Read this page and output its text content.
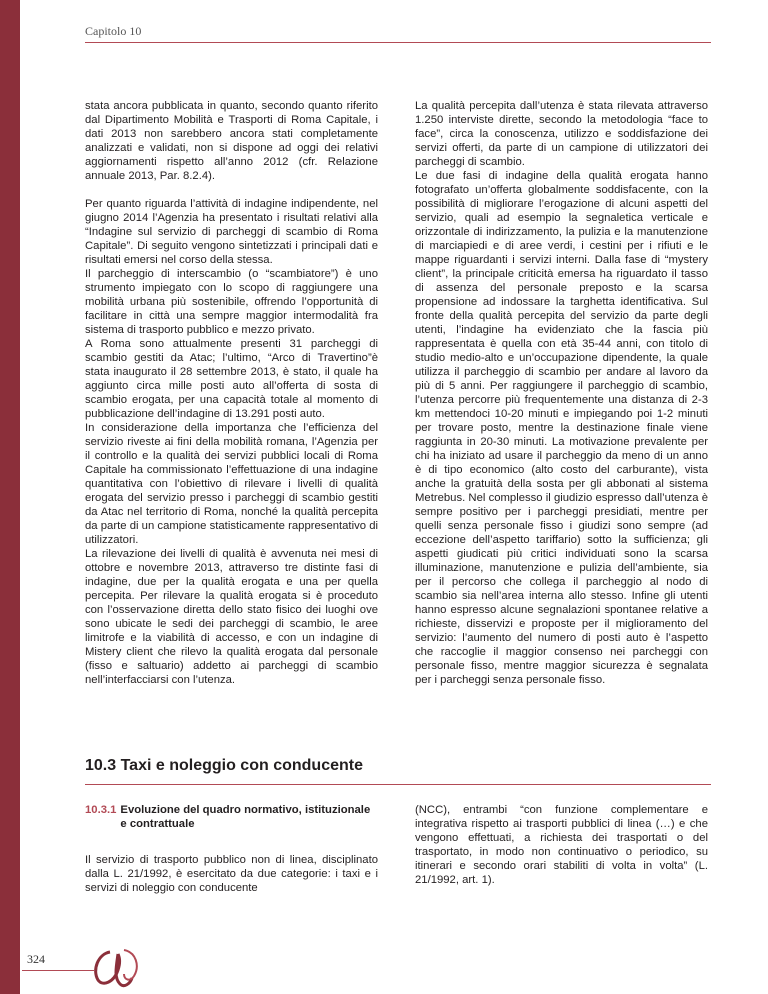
Capitolo 10

stata ancora pubblicata in quanto, secondo quanto riferito dal Dipartimento Mobilità e Trasporti di Roma Capitale, i dati 2013 non sarebbero ancora stati completamente analizzati e validati, non si dispone ad oggi dei relativi aggiornamenti rispetto all’anno 2012 (cfr. Relazione annuale 2013, Par. 8.2.4).

Per quanto riguarda l’attività di indagine indipendente, nel giugno 2014 l’Agenzia ha presentato i risultati relativi alla “Indagine sul servizio di parcheggi di scambio di Roma Capitale”. Di seguito vengono sintetizzati i principali dati e risultati emersi nel corso della stessa.

Il parcheggio di interscambio (o “scambiatore”) è uno strumento impiegato con lo scopo di raggiungere una mobilità urbana più sostenibile, offrendo l’opportunità di facilitare in città una sempre maggior intermodalità fra sistema di trasporto pubblico e mezzo privato.

A Roma sono attualmente presenti 31 parcheggi di scambio gestiti da Atac; l’ultimo, “Arco di Travertino”è stata inaugurato il 28 settembre 2013, è stato, il quale ha aggiunto circa mille posti auto all’offerta di sosta di scambio erogata, per una capacità totale al momento di pubblicazione dell’indagine di 13.291 posti auto.

In considerazione della importanza che l’efficienza del servizio riveste ai fini della mobilità romana, l’Agenzia per il controllo e la qualità dei servizi pubblici locali di Roma Capitale ha commissionato l’effettuazione di una indagine quantitativa con l’obiettivo di rilevare i livelli di qualità erogata del servizio presso i parcheggi di scambio gestiti da Atac nel territorio di Roma, nonché la qualità percepita da parte di un campione statisticamente rappresentativo di utilizzatori.

La rilevazione dei livelli di qualità è avvenuta nei mesi di ottobre e novembre 2013, attraverso tre distinte fasi di indagine, due per la qualità erogata e una per quella percepita. Per rilevare la qualità erogata si è proceduto con l’osservazione diretta dello stato fisico dei luoghi ove sono ubicate le sedi dei parcheggi di scambio, le aree limitrofe e la viabilità di accesso, e con un indagine di Mistery client che rilevo la qualità erogata dal personale (fisso e saltuario) addetto ai parcheggi di scambio nell’interfacciarsi con l’utenza.

La qualità percepita dall’utenza è stata rilevata attraverso 1.250 interviste dirette, secondo la metodologia “face to face”, circa la conoscenza, utilizzo e soddisfazione dei servizi offerti, da parte di un campione di utilizzatori dei parcheggi di scambio.

Le due fasi di indagine della qualità erogata hanno fotografato un’offerta globalmente soddisfacente, con la possibilità di migliorare l’erogazione di alcuni aspetti del servizio, quali ad esempio la segnaletica verticale e orizzontale di indirizzamento, la pulizia e la manutenzione di marciapiedi e di aree verdi, i cestini per i rifiuti e le mappe riguardanti i servizi interni. Dalla fase di “mystery client”, la principale criticità emersa ha riguardato il tasso di assenza del personale preposto e la scarsa propensione ad indossare la targhetta identificativa. Sul fronte della qualità percepita del servizio da parte degli utenti, l’indagine ha evidenziato che la fascia più rappresentata è quella con età 35-44 anni, con titolo di studio medio-alto e un’occupazione dipendente, la quale utilizza il parcheggio di scambio per andare al lavoro da più di 5 anni. Per raggiungere il parcheggio di scambio, l’utenza percorre più frequentemente una distanza di 2-3 km mettendoci 10-20 minuti e impiegando poi 1-2 minuti per trovare posto, mentre la destinazione finale viene raggiunta in 20-30 minuti. La motivazione prevalente per chi ha iniziato ad usare il parcheggio da meno di un anno è di tipo economico (alto costo del carburante), vista anche la gratuità della sosta per gli abbonati al sistema Metrebus. Nel complesso il giudizio espresso dall’utenza è sempre positivo per i parcheggi presidiati, mentre per quelli senza personale fisso i giudizi sono sempre (ad eccezione dell’aspetto tariffario) sotto la sufficienza; gli aspetti giudicati più critici individuati sono la scarsa illuminazione, manutenzione e pulizia dell’ambiente, sia per il percorso che collega il parcheggio al nodo di scambio sia nell’area interna allo stesso. Infine gli utenti hanno espresso alcune segnalazioni spontanee relative a richieste, disservizi e proposte per il miglioramento del servizio: l’aumento del numero di posti auto è l’aspetto che raccoglie il maggior consenso nei parcheggi con personale fisso, mentre maggior sicurezza è segnalata per i parcheggi senza personale fisso.

10.3 Taxi e noleggio con conducente
10.3.1 Evoluzione del quadro normativo, istituzionale e contrattuale

Il servizio di trasporto pubblico non di linea, disciplinato dalla L. 21/1992, è esercitato da due categorie: i taxi e i servizi di noleggio con conducente

(NCC), entrambi “con funzione complementare e integrativa rispetto ai trasporti pubblici di linea (…) e che vengono effettuati, a richiesta dei trasportati o del trasportato, in modo non continuativo o periodico, su itinerari e secondo orari stabiliti di volta in volta” (L. 21/1992, art. 1).

324
